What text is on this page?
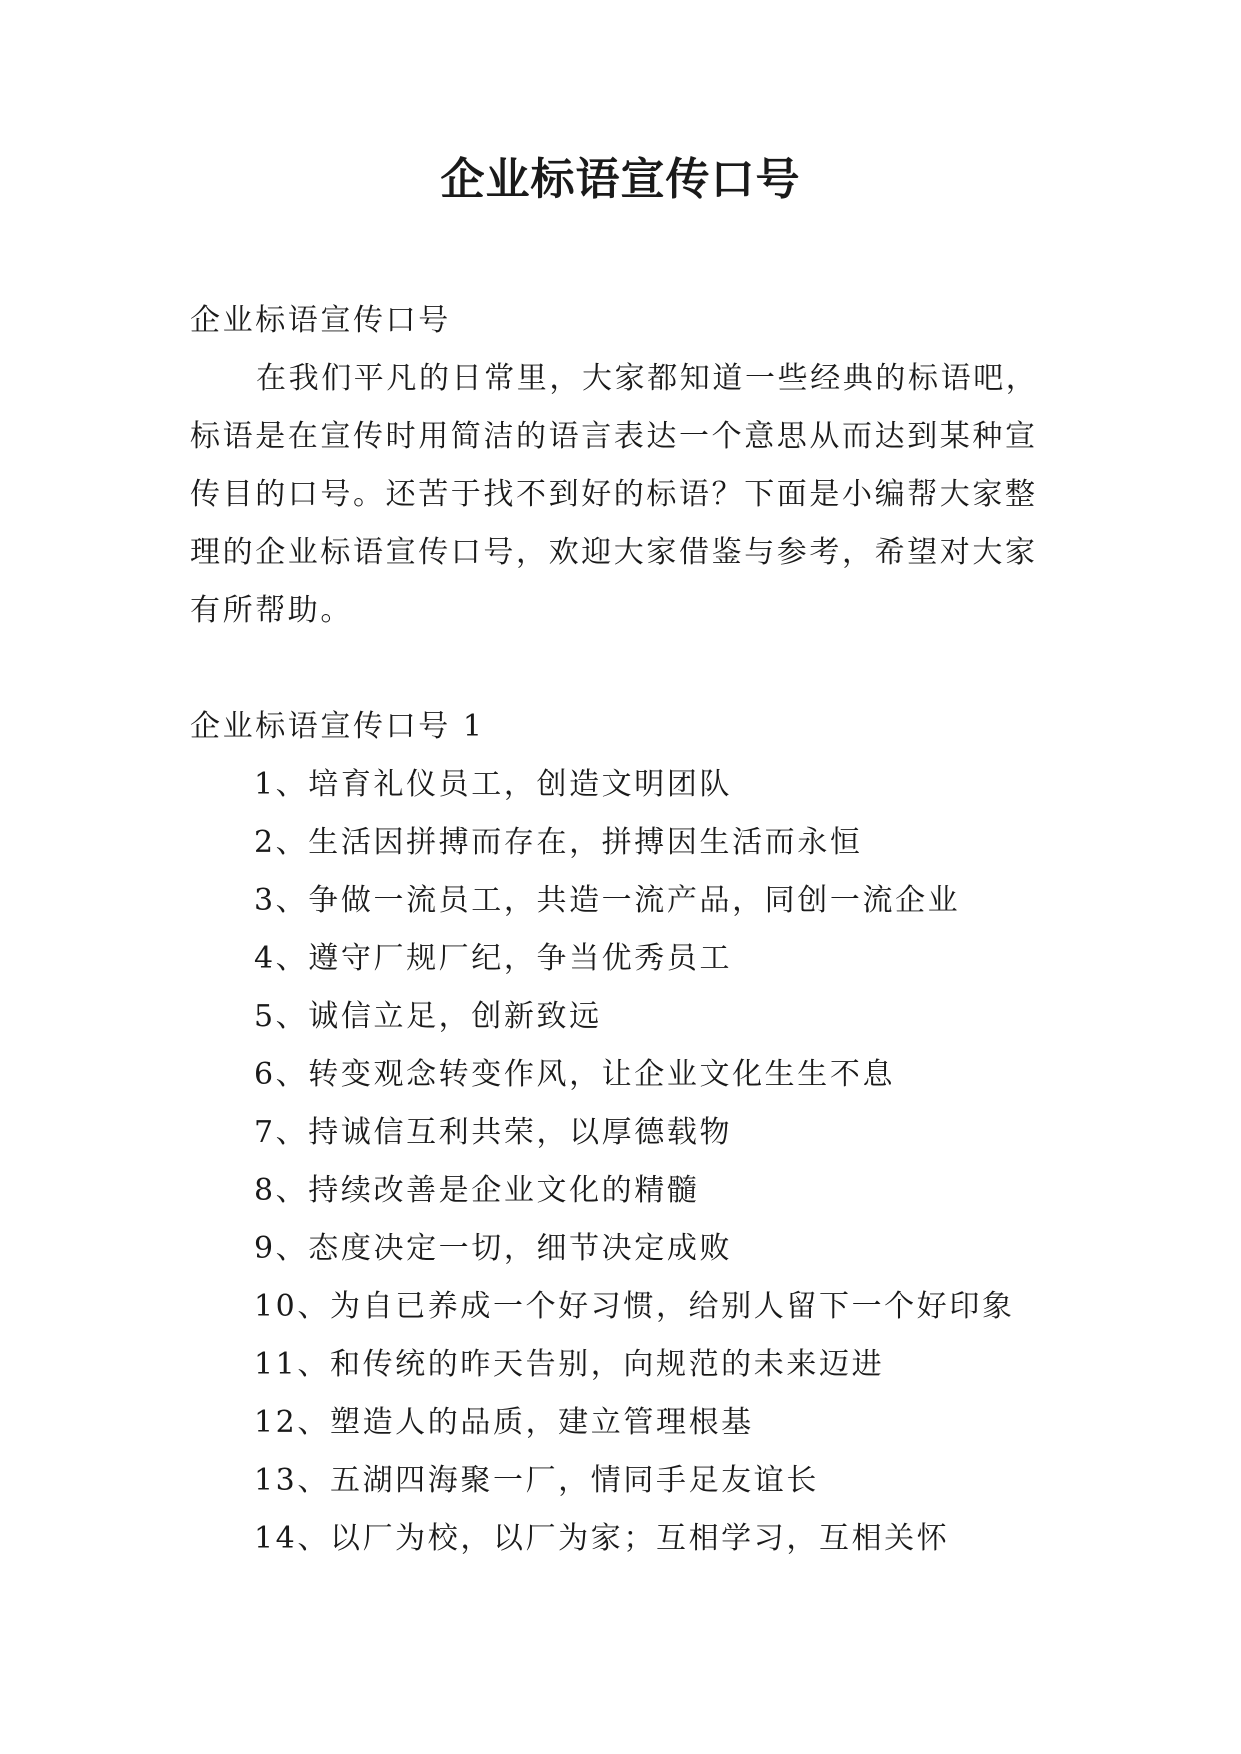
企业标语宣传口号
企业标语宣传口号

在我们平凡的日常里，大家都知道一些经典的标语吧，标语是在宣传时用简洁的语言表达一个意思从而达到某种宣传目的口号。还苦于找不到好的标语？下面是小编帮大家整理的企业标语宣传口号，欢迎大家借鉴与参考，希望对大家有所帮助。

企业标语宣传口号 1
1、培育礼仪员工，创造文明团队
2、生活因拼搏而存在，拼搏因生活而永恒
3、争做一流员工，共造一流产品，同创一流企业
4、遵守厂规厂纪，争当优秀员工
5、诚信立足，创新致远
6、转变观念转变作风，让企业文化生生不息
7、持诚信互利共荣，以厚德载物
8、持续改善是企业文化的精髓
9、态度决定一切，细节决定成败
10、为自已养成一个好习惯，给别人留下一个好印象
11、和传统的昨天告别，向规范的未来迈进
12、塑造人的品质，建立管理根基
13、五湖四海聚一厂，情同手足友谊长
14、以厂为校，以厂为家；互相学习，互相关怀
